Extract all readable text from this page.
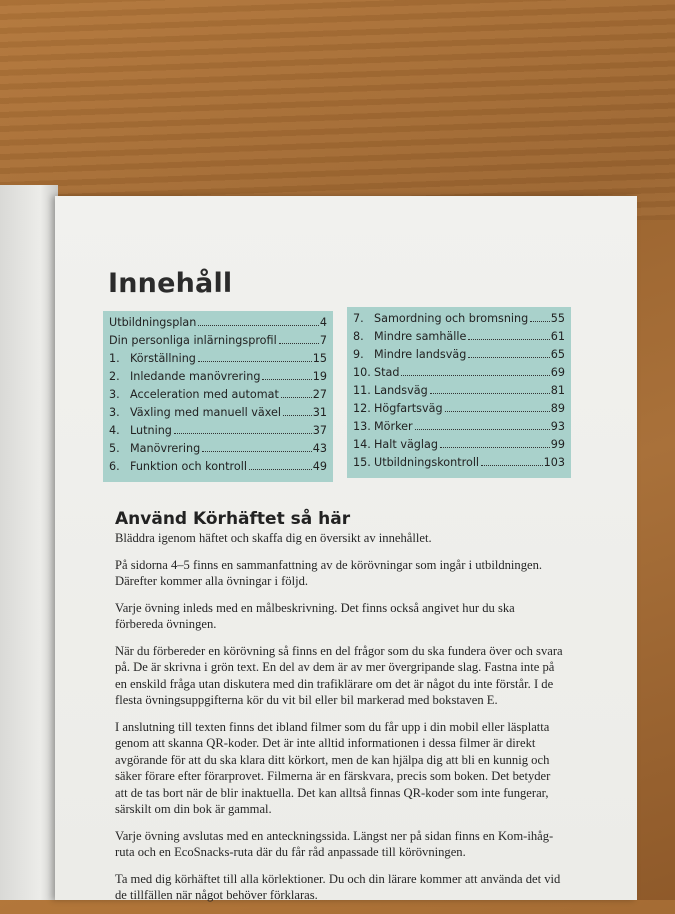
Innehåll
Utbildningsplan	4
Din personliga inlärningsprofil	7
1. Körställning	15
2. Inledande manövrering	19
3. Acceleration med automat	27
3. Växling med manuell växel	31
4. Lutning	37
5. Manövrering	43
6. Funktion och kontroll	49
7. Samordning och bromsning 55
8. Mindre samhälle	61
9. Mindre landsväg	65
10. Stad	69
11. Landsväg	81
12. Högfartsväg	89
13. Mörker	93
14. Halt väglag	99
15. Utbildningskontroll	103
Använd Körhäftet så här

Bläddra igenom häftet och skaffa dig en översikt av innehållet.

På sidorna 4–5 finns en sammanfattning av de körövningar som ingår i utbildningen. Därefter kommer alla övningar i följd.

Varje övning inleds med en målbeskrivning. Det finns också angivet hur du ska förbereda övningen.

När du förbereder en körövning så finns en del frågor som du ska fundera över och svara på. De är skrivna i grön text. En del av dem är av mer övergripande slag. Fastna inte på en enskild fråga utan diskutera med din trafiklärare om det är något du inte förstår. I de flesta övningsuppgifterna kör du vit bil eller bil markerad med bokstaven E.

I anslutning till texten finns det ibland filmer som du får upp i din mobil eller läsplatta genom att skanna QR-koder. Det är inte alltid informationen i dessa filmer är direkt avgörande för att du ska klara ditt körkort, men de kan hjälpa dig att bli en kunnig och säker förare efter förarprovet. Filmerna är en färskvara, precis som boken. Det betyder att de tas bort när de blir inaktuella. Det kan alltså finnas QR-koder som inte fungerar, särskilt om din bok är gammal.

Varje övning avslutas med en anteckningssida. Längst ner på sidan finns en Kom-ihåg-ruta och en EcoSnacks-ruta där du får råd anpassade till körövningen.

Ta med dig körhäftet till alla körlektioner. Du och din lärare kommer att använda det vid de tillfällen när något behöver förklaras.
